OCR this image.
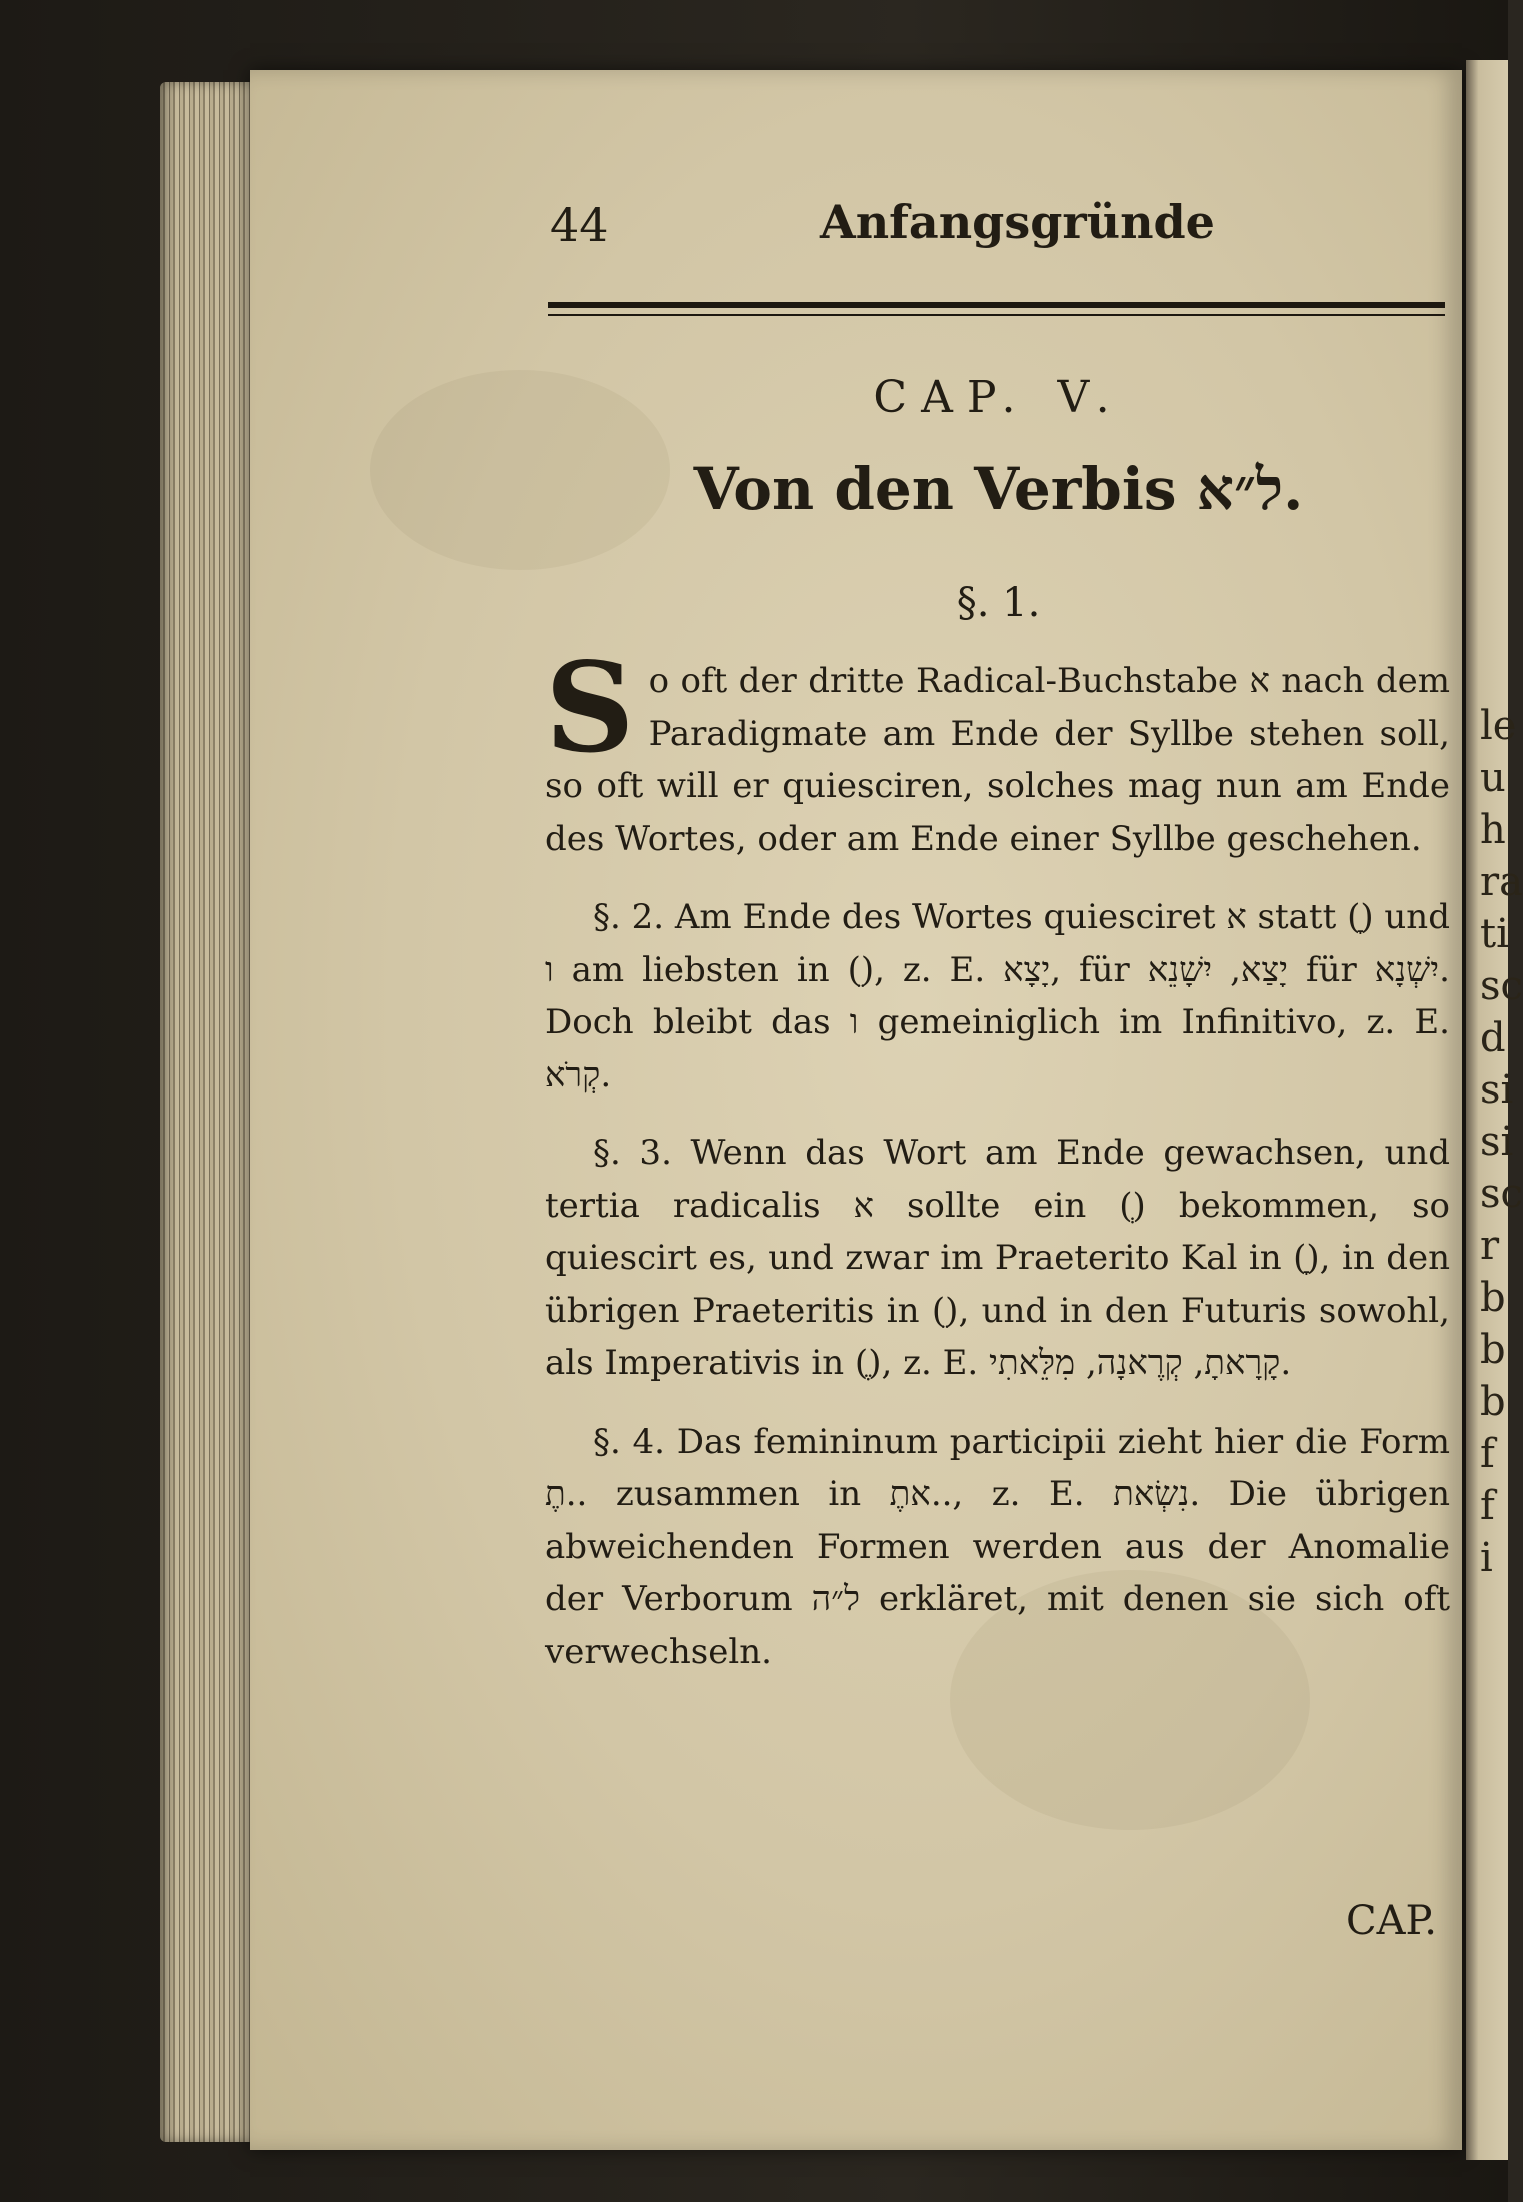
le
u
h
ra
ti
sc
d
si
si
sc
r
b
b
b
f
f
i
44	Anfangsgründe
CAP. V.
Von den Verbis ל״א.
§. 1.

S o oft der dritte Radical-Buchstabe א nach dem Paradigmate am Ende der Syllbe stehen soll, so oft will er quiesciren, solches mag nun am Ende des Wortes, oder am Ende einer Syllbe geschehen.

§. 2. Am Ende des Wortes quiesciret א statt (ָ) und ו am liebsten in (ֵ), z. E. יָצָא, für יָצַא, יִשָׁנֵא für יִשְׁנָא. Doch bleibt das ו gemeiniglich im Infinitivo, z. E. קְרֹא.

§. 3. Wenn das Wort am Ende gewachsen, und tertia radicalis א sollte ein (ְ) bekommen, so quiescirt es, und zwar im Praeterito Kal in (ָ), in den übrigen Praeteritis in (ֵ), und in den Futuris sowohl, als Imperativis in (ֶ), z. E. קָרָאתָ, קְרֶאנָה, מִלֵּאתִי.

§. 4. Das femininum participii zieht hier die Form תֶ.. zusammen in אתֶ.., z. E. נִשְׂאת. Die übrigen abweichenden Formen werden aus der Anomalie der Verborum ל״ה erkläret, mit denen sie sich oft verwechseln.

CAP.
